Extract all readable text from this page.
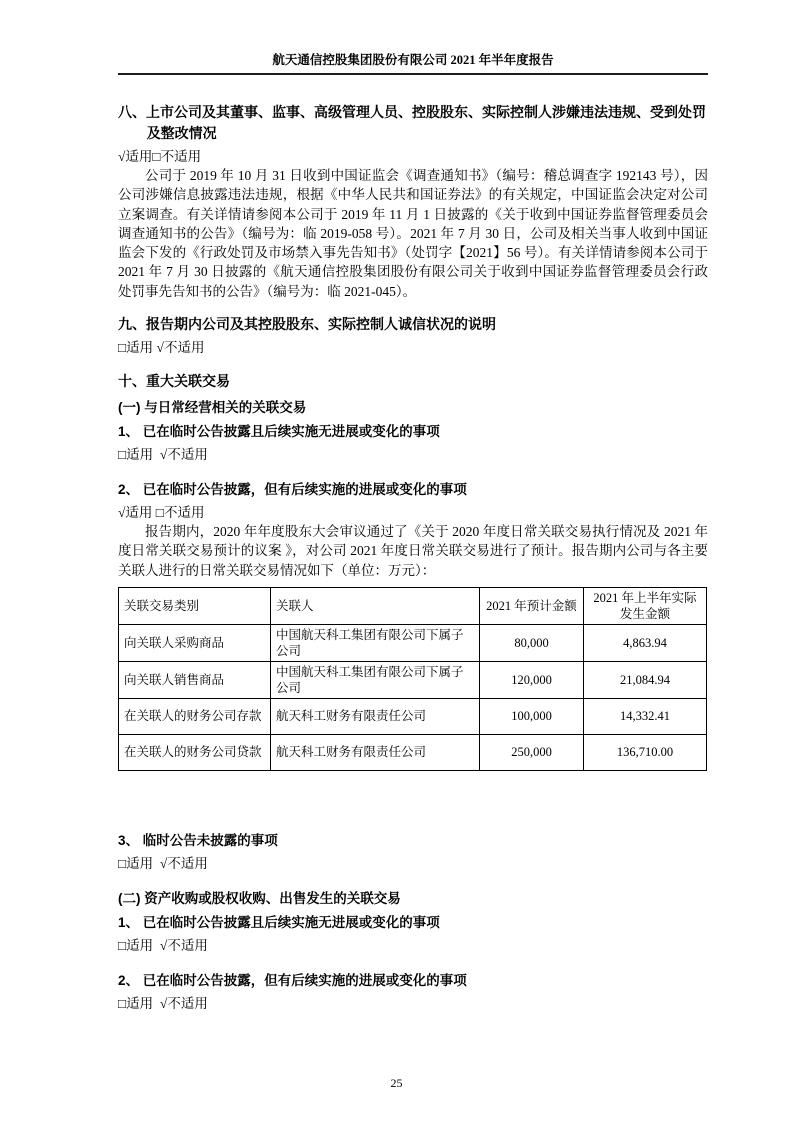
航天通信控股集团股份有限公司 2021 年半年度报告
八、上市公司及其董事、监事、高级管理人员、控股股东、实际控制人涉嫌违法违规、受到处罚及整改情况
√适用□不适用
公司于 2019 年 10 月 31 日收到中国证监会《调查通知书》（编号：稽总调查字 192143 号），因公司涉嫌信息披露违法违规，根据《中华人民共和国证券法》的有关规定，中国证监会决定对公司立案调查。有关详情请参阅本公司于 2019 年 11 月 1 日披露的《关于收到中国证券监督管理委员会调查通知书的公告》（编号为：临 2019-058 号）。2021 年 7 月 30 日，公司及相关当事人收到中国证监会下发的《行政处罚及市场禁入事先告知书》（处罚字【2021】56 号）。有关详情请参阅本公司于 2021 年 7 月 30 日披露的《航天通信控股集团股份有限公司关于收到中国证券监督管理委员会行政处罚事先告知书的公告》（编号为：临 2021-045）。
九、报告期内公司及其控股股东、实际控制人诚信状况的说明
□适用 √不适用
十、重大关联交易
(一) 与日常经营相关的关联交易
1、 已在临时公告披露且后续实施无进展或变化的事项
□适用  √不适用
2、 已在临时公告披露，但有后续实施的进展或变化的事项
√适用 □不适用
报告期内，2020 年年度股东大会审议通过了《关于 2020 年度日常关联交易执行情况及 2021 年度日常关联交易预计的议案 》，对公司 2021 年度日常关联交易进行了预计。报告期内公司与各主要关联人进行的日常关联交易情况如下（单位：万元）：
关联交易类别	关联人	2021 年预计金额	2021 年上半年实际发生金额
向关联人采购商品	中国航天科工集团有限公司下属子公司	80,000	4,863.94
向关联人销售商品	中国航天科工集团有限公司下属子公司	120,000	21,084.94
在关联人的财务公司存款	航天科工财务有限责任公司	100,000	14,332.41
在关联人的财务公司贷款	航天科工财务有限责任公司	250,000	136,710.00
3、 临时公告未披露的事项
□适用  √不适用
(二) 资产收购或股权收购、出售发生的关联交易
1、 已在临时公告披露且后续实施无进展或变化的事项
□适用  √不适用
2、 已在临时公告披露，但有后续实施的进展或变化的事项
□适用  √不适用
25
